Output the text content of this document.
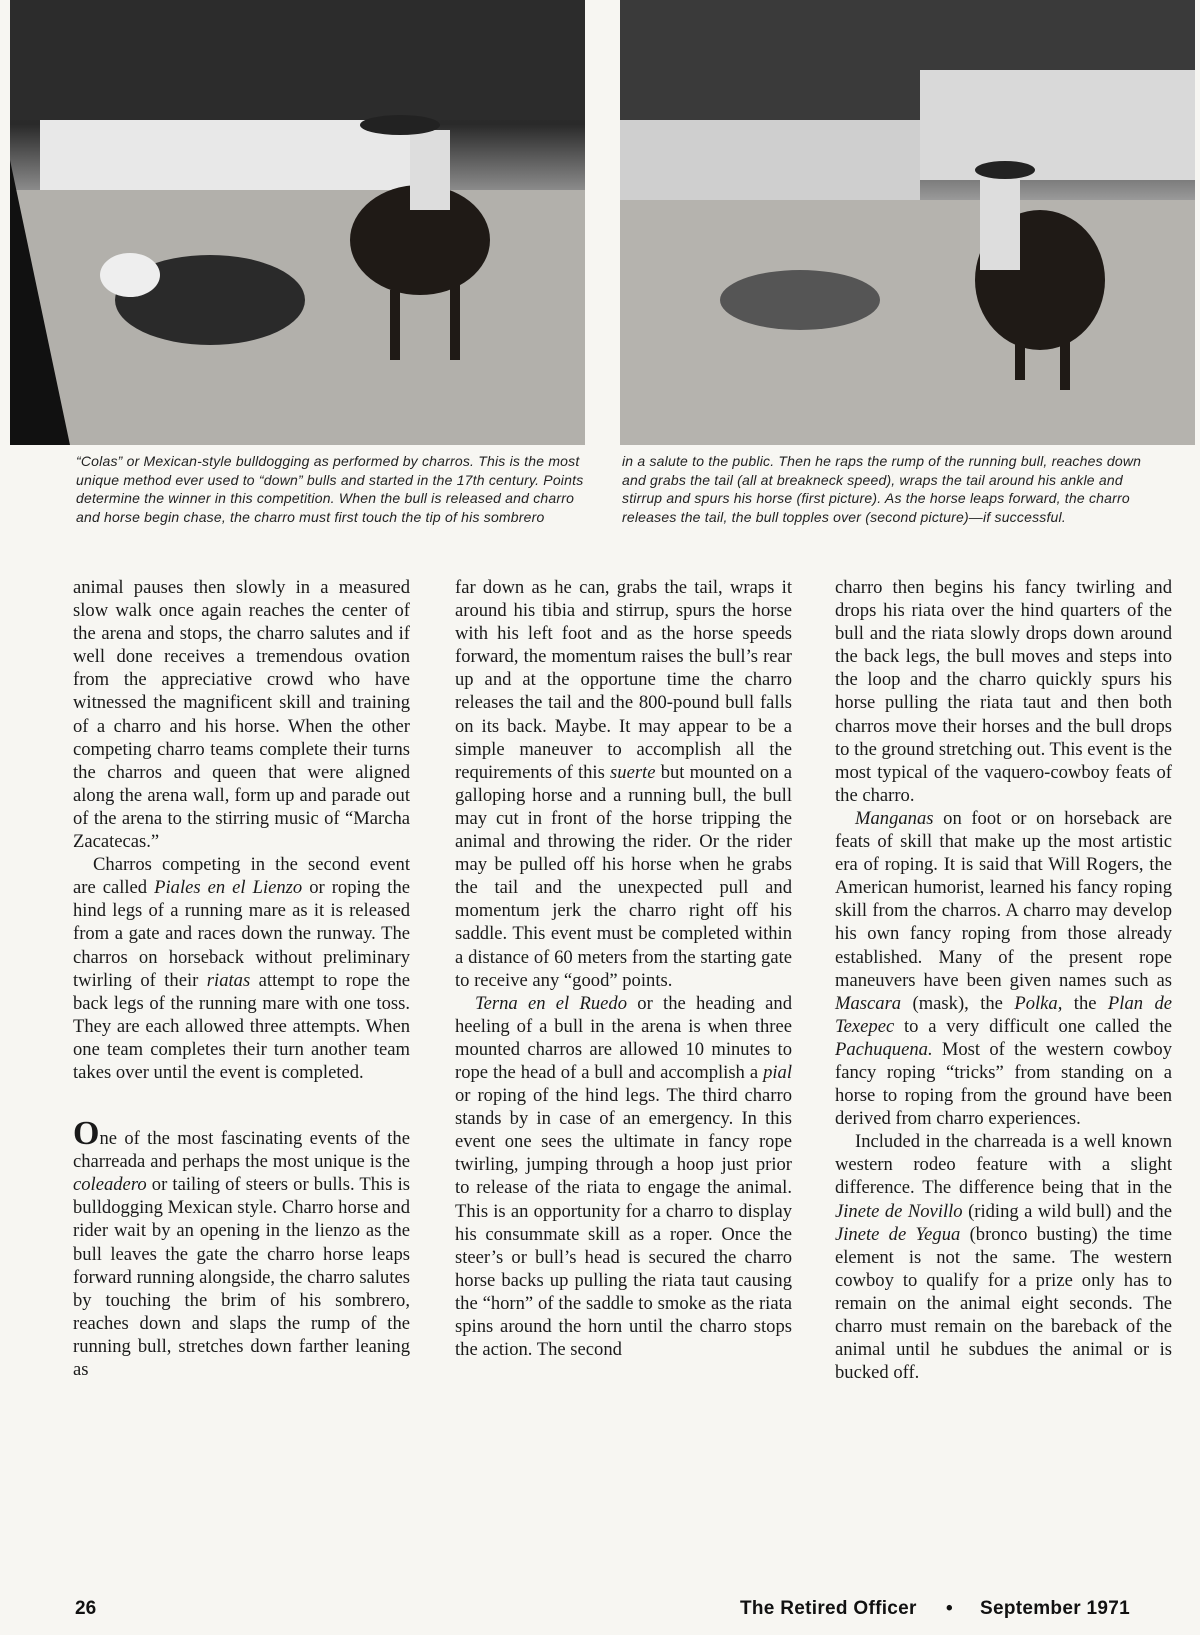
“Colas” or Mexican-style bulldogging as performed by charros. This is the most unique method ever used to “down” bulls and started in the 17th century. Points determine the winner in this competition. When the bull is released and charro and horse begin chase, the charro must first touch the tip of his sombrero
in a salute to the public. Then he raps the rump of the running bull, reaches down and grabs the tail (all at breakneck speed), wraps the tail around his ankle and stirrup and spurs his horse (first picture). As the horse leaps forward, the charro releases the tail, the bull topples over (second picture)—if successful.

animal pauses then slowly in a measured slow walk once again reaches the center of the arena and stops, the charro salutes and if well done receives a tremendous ovation from the appreciative crowd who have witnessed the magnificent skill and training of a charro and his horse. When the other competing charro teams complete their turns the charros and queen that were aligned along the arena wall, form up and parade out of the arena to the stirring music of “Marcha Zacatecas.”

Charros competing in the second event are called Piales en el Lienzo or roping the hind legs of a running mare as it is released from a gate and races down the runway. The charros on horseback without preliminary twirling of their riatas attempt to rope the back legs of the running mare with one toss. They are each allowed three attempts. When one team completes their turn another team takes over until the event is completed.

One of the most fascinating events of the charreada and perhaps the most unique is the coleadero or tailing of steers or bulls. This is bulldogging Mexican style. Charro horse and rider wait by an opening in the lienzo as the bull leaves the gate the charro horse leaps forward running alongside, the charro salutes by touching the brim of his sombrero, reaches down and slaps the rump of the running bull, stretches down farther leaning as

far down as he can, grabs the tail, wraps it around his tibia and stirrup, spurs the horse with his left foot and as the horse speeds forward, the momentum raises the bull’s rear up and at the opportune time the charro releases the tail and the 800-pound bull falls on its back. Maybe. It may appear to be a simple maneuver to accomplish all the requirements of this suerte but mounted on a galloping horse and a running bull, the bull may cut in front of the horse tripping the animal and throwing the rider. Or the rider may be pulled off his horse when he grabs the tail and the unexpected pull and momentum jerk the charro right off his saddle. This event must be completed within a distance of 60 meters from the starting gate to receive any “good” points.

Terna en el Ruedo or the heading and heeling of a bull in the arena is when three mounted charros are allowed 10 minutes to rope the head of a bull and accomplish a pial or roping of the hind legs. The third charro stands by in case of an emergency. In this event one sees the ultimate in fancy rope twirling, jumping through a hoop just prior to release of the riata to engage the animal. This is an opportunity for a charro to display his consummate skill as a roper. Once the steer’s or bull’s head is secured the charro horse backs up pulling the riata taut causing the “horn” of the saddle to smoke as the riata spins around the horn until the charro stops the action. The second

charro then begins his fancy twirling and drops his riata over the hind quarters of the bull and the riata slowly drops down around the back legs, the bull moves and steps into the loop and the charro quickly spurs his horse pulling the riata taut and then both charros move their horses and the bull drops to the ground stretching out. This event is the most typical of the vaquero-cowboy feats of the charro.

Manganas on foot or on horseback are feats of skill that make up the most artistic era of roping. It is said that Will Rogers, the American humorist, learned his fancy roping skill from the charros. A charro may develop his own fancy roping from those already established. Many of the present rope maneuvers have been given names such as Mascara (mask), the Polka, the Plan de Texepec to a very difficult one called the Pachuquena. Most of the western cowboy fancy roping “tricks” from standing on a horse to roping from the ground have been derived from charro experiences.

Included in the charreada is a well known western rodeo feature with a slight difference. The difference being that in the Jinete de Novillo (riding a wild bull) and the Jinete de Yegua (bronco busting) the time element is not the same. The western cowboy to qualify for a prize only has to remain on the animal eight seconds. The charro must remain on the bareback of the animal until he subdues the animal or is bucked off.

26	The Retired Officer • September 1971
